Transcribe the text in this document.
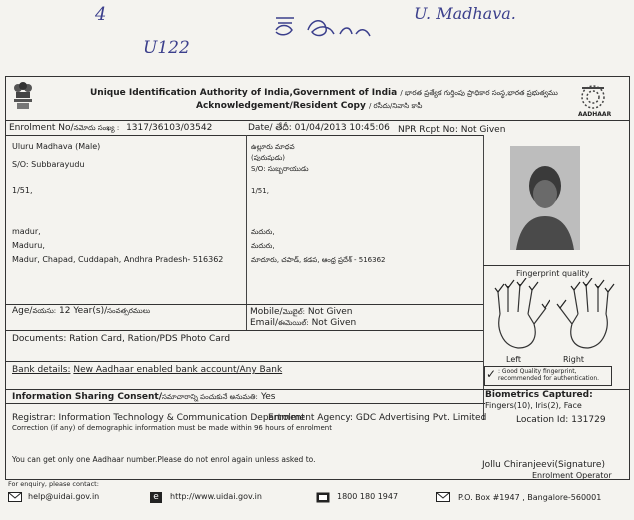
4
U122
U. Madhava.
Unique Identification Authority of India,Government of India / భారత ప్రత్యేక గుర్తింపు ప్రాధికార సంస్థ,భారత ప్రభుత్వము
Acknowledgement/Resident Copy / రసీదు/నివాసి కాపీ
AADHAAR
Enrolment No/నమోదు సంఖ్య : 1317/36103/03542	Date/ తేదీ: 01/04/2013 10:45:06 NPR Rcpt No: Not Given
Uluru Madhava (Male)
S/O: Subbarayudu
1/51,
madur,
Maduru,
Madur, Chapad, Cuddapah, Andhra Pradesh- 516362
ఉల్లూరు మాధవ
(పురుషుడు)
S/O: సుబ్బరాయుడు
1/51,
మదురు,
మదురు,
మాదూరు, చపాడ్, కడప, ఆంధ్ర ప్రదేశ్ - 516362
Fingerprint quality
Left	Right
✓ : Good Quality fingerprint,
recommended for authentication.
Age/వయసు: 12 Year(s)/సంవత్సరములు	Mobile/మొబైల్: Not Given
Email/ఈమెయిల్: Not Given
Documents: Ration Card, Ration/PDS Photo Card
Bank details: New Aadhaar enabled bank account/Any Bank
Information Sharing Consent/సమాచారాన్ని పంచుకునే అనుమతి: Yes	Biometrics Captured:
Fingers(10), Iris(2), Face
Registrar: Information Technology & Communication Department
Enrolment Agency: GDC Advertising Pvt. Limited	Location Id: 131729
Correction (if any) of demographic information must be made within 96 hours of enrolment
You can get only one Aadhaar number.Please do not enrol again unless asked to.
Jollu Chiranjeevi(Signature)
Enrolment Operator
For enquiry, please contact:
help@uidai.gov.in	e	http://www.uidai.gov.in	1800 180 1947	P.O. Box #1947 , Bangalore-560001
